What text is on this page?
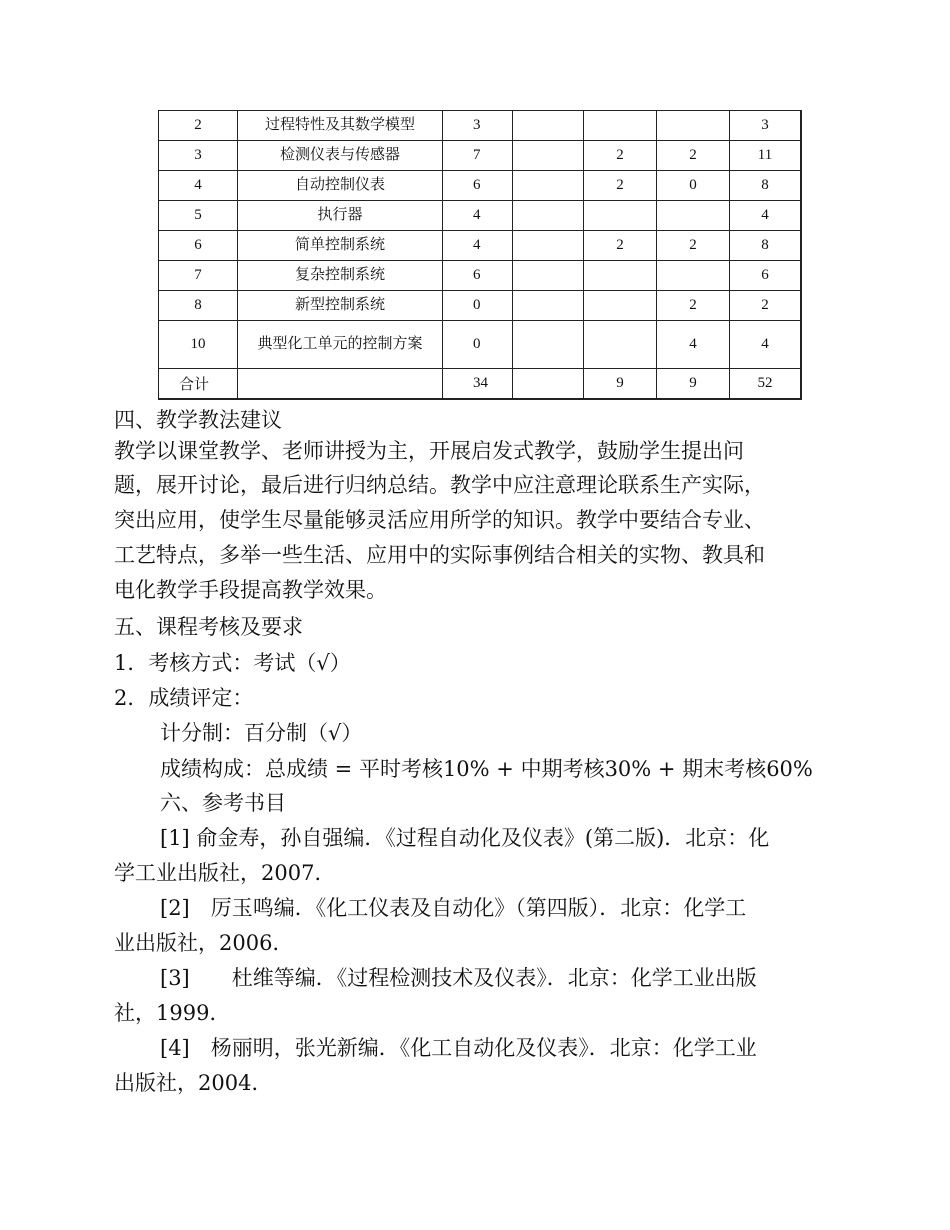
2	过程特性及其数学模型	3				3
3	检测仪表与传感器	7		2	2	11
4	自动控制仪表	6		2	0	8
5	执行器	4				4
6	简单控制系统	4		2	2	8
7	复杂控制系统	6				6
8	新型控制系统	0			2	2
10	典型化工单元的控制方案	0			4	4
合计		34		9	9	52
四、教学教法建议
教学以课堂教学、老师讲授为主，开展启发式教学，鼓励学生提出问
题，展开讨论，最后进行归纳总结。教学中应注意理论联系生产实际，
突出应用，使学生尽量能够灵活应用所学的知识。教学中要结合专业、
工艺特点，多举一些生活、应用中的实际事例结合相关的实物、教具和
电化教学手段提高教学效果。
五、课程考核及要求
1．考核方式：考试（√）
2．成绩评定：
计分制：百分制（√）
成绩构成：总成绩 = 平时考核10% + 中期考核30% + 期末考核60%
六、参考书目
[1] 俞金寿，孙自强编．《过程自动化及仪表》(第二版)．北京：化
学工业出版社，2007．
[2]　厉玉鸣编．《化工仪表及自动化》（第四版）．北京：化学工
业出版社，2006．
[3]　　杜维等编．《过程检测技术及仪表》．北京：化学工业出版
社，1999．
[4]　杨丽明，张光新编．《化工自动化及仪表》．北京：化学工业
出版社，2004．
